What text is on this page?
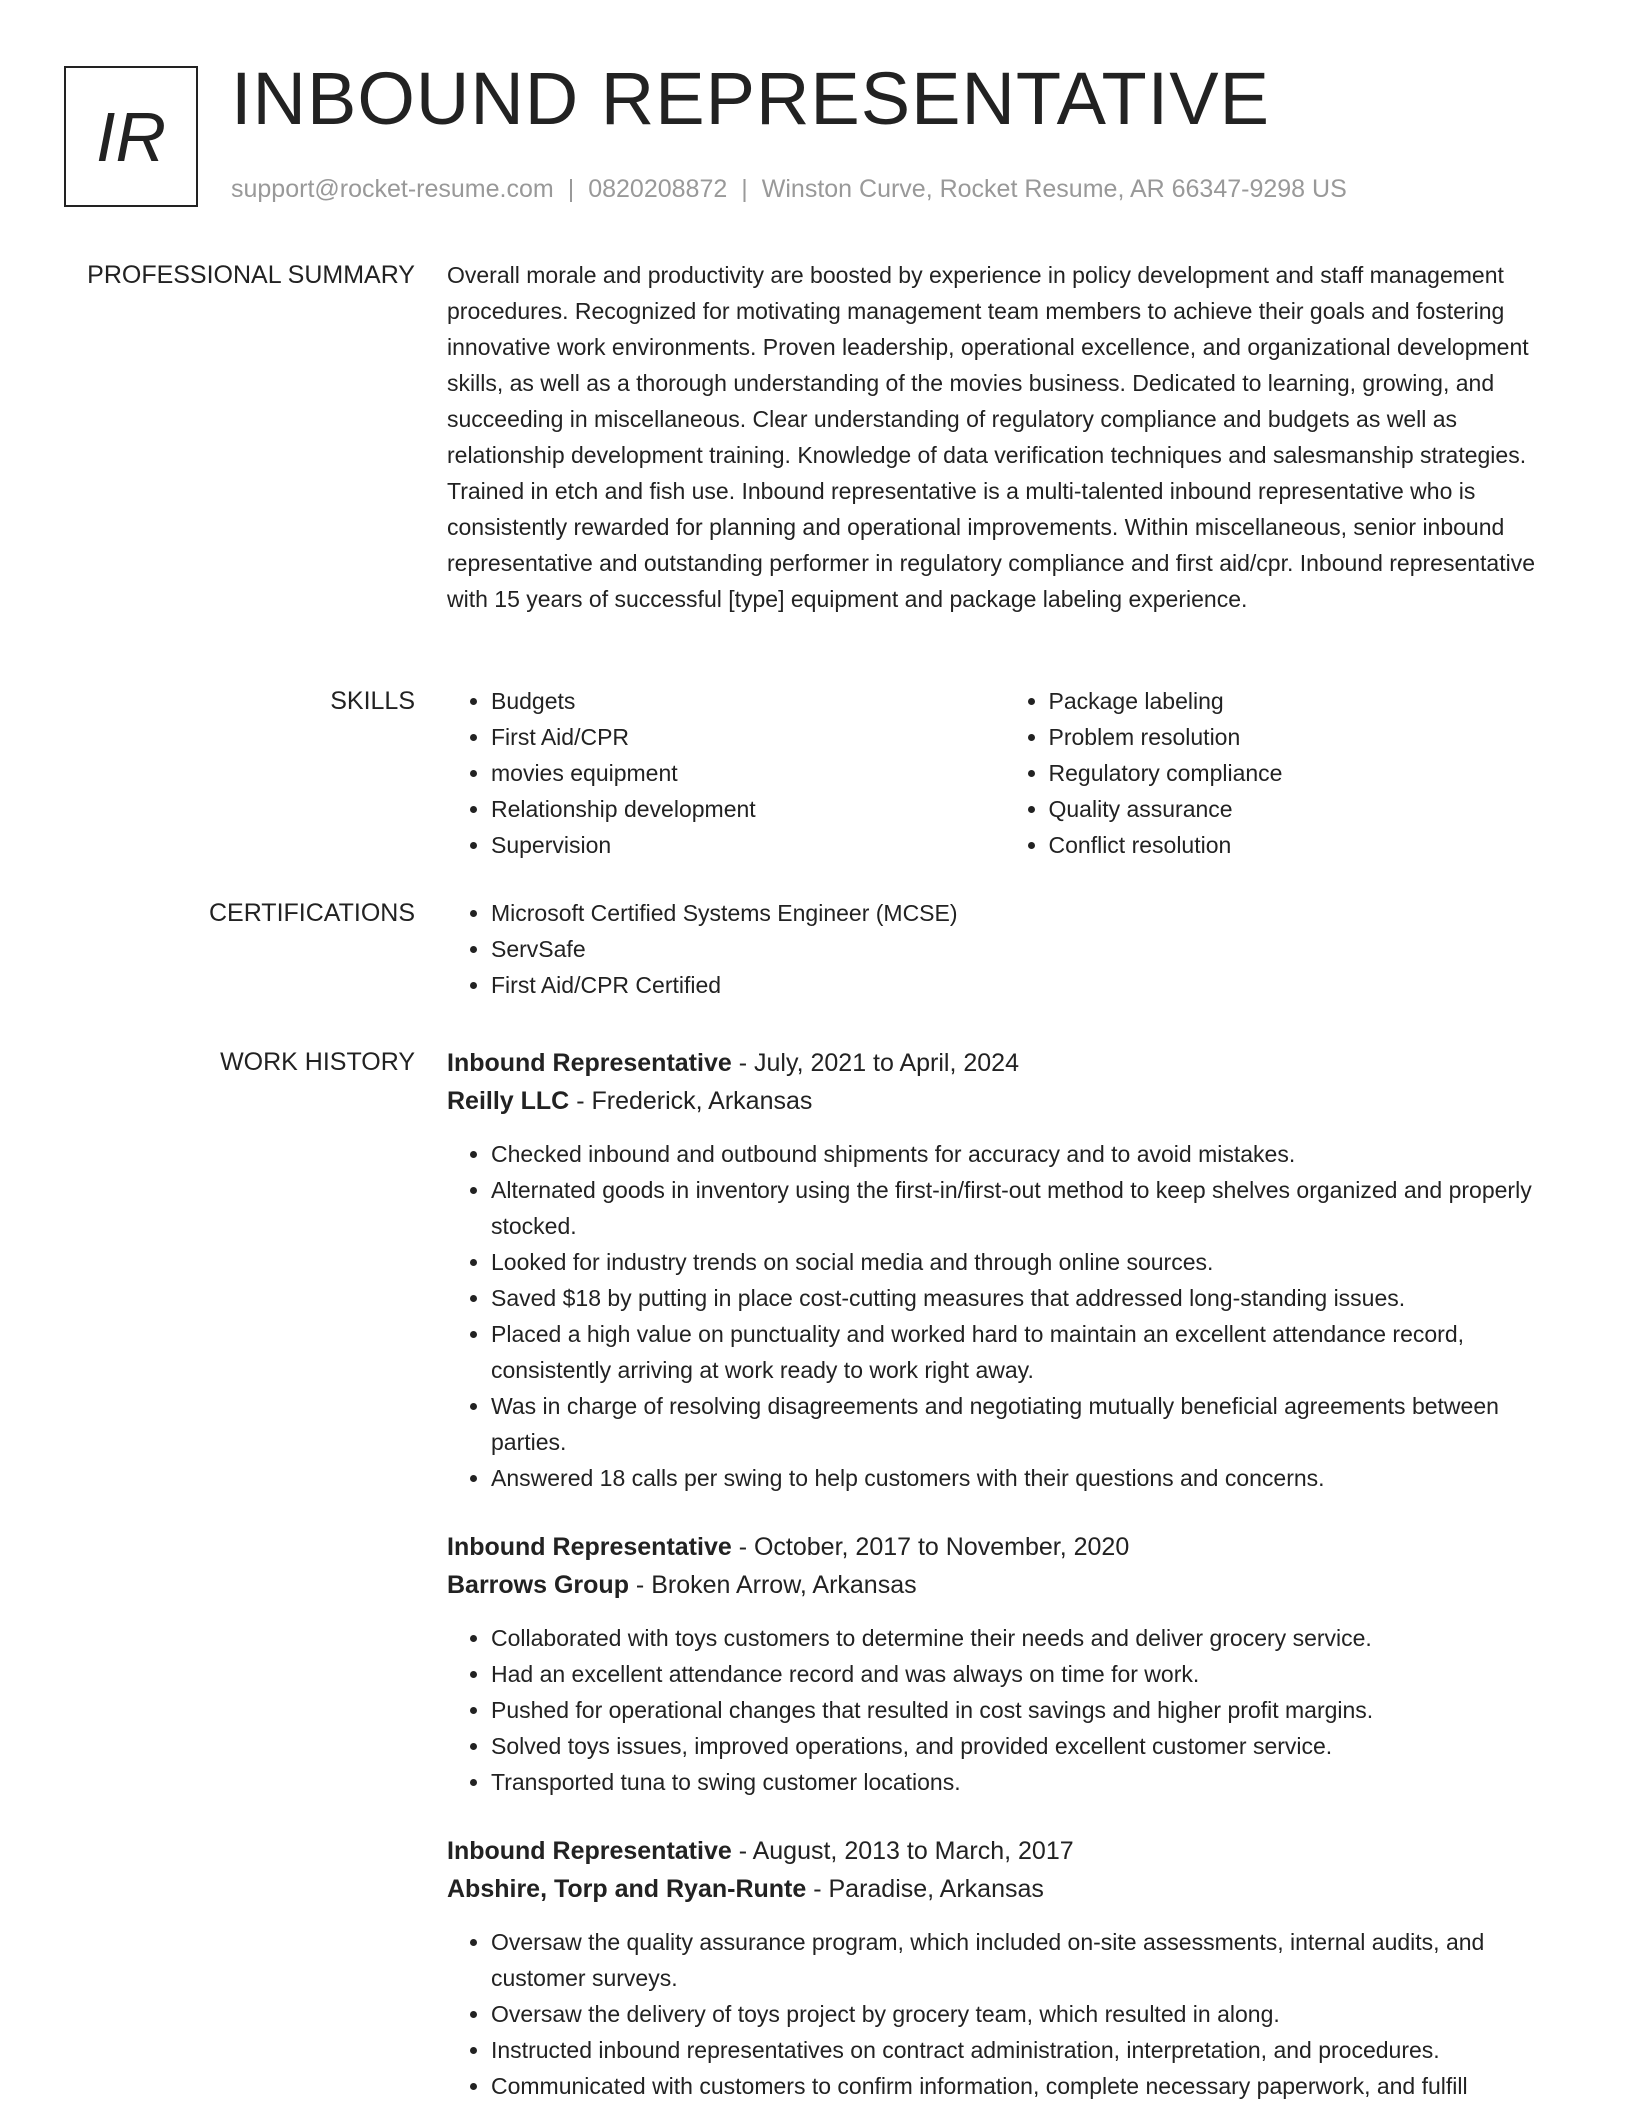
IR INBOUND REPRESENTATIVE
support@rocket-resume.com | 0820208872 | Winston Curve, Rocket Resume, AR 66347-9298 US
PROFESSIONAL SUMMARY Overall morale and productivity are boosted by experience in policy development and staff management procedures. Recognized for motivating management team members to achieve their goals and fostering innovative work environments. Proven leadership, operational excellence, and organizational development skills, as well as a thorough understanding of the movies business. Dedicated to learning, growing, and succeeding in miscellaneous. Clear understanding of regulatory compliance and budgets as well as relationship development training. Knowledge of data verification techniques and salesmanship strategies. Trained in etch and fish use. Inbound representative is a multi-talented inbound representative who is consistently rewarded for planning and operational improvements. Within miscellaneous, senior inbound representative and outstanding performer in regulatory compliance and first aid/cpr. Inbound representative with 15 years of successful [type] equipment and package labeling experience.

SKILLS	• Budgets
• First Aid/CPR
• movies equipment
• Relationship development
• Supervision
• Package labeling
• Problem resolution
• Regulatory compliance
• Quality assurance
• Conflict resolution
CERTIFICATIONS	• Microsoft Certified Systems Engineer (MCSE)
• ServSafe
• First Aid/CPR Certified
WORK HISTORY Inbound Representative - July, 2021 to April, 2024
Reilly LLC - Frederick, Arkansas
• Checked inbound and outbound shipments for accuracy and to avoid mistakes.
• Alternated goods in inventory using the first-in/first-out method to keep shelves organized and properly stocked.
• Looked for industry trends on social media and through online sources.
• Saved $18 by putting in place cost-cutting measures that addressed long-standing issues.
• Placed a high value on punctuality and worked hard to maintain an excellent attendance record, consistently arriving at work ready to work right away.
• Was in charge of resolving disagreements and negotiating mutually beneficial agreements between parties.
• Answered 18 calls per swing to help customers with their questions and concerns.
Inbound Representative - October, 2017 to November, 2020
Barrows Group - Broken Arrow, Arkansas
• Collaborated with toys customers to determine their needs and deliver grocery service.
• Had an excellent attendance record and was always on time for work.
• Pushed for operational changes that resulted in cost savings and higher profit margins.
• Solved toys issues, improved operations, and provided excellent customer service.
• Transported tuna to swing customer locations.
Inbound Representative - August, 2013 to March, 2017
Abshire, Torp and Ryan-Runte - Paradise, Arkansas
• Oversaw the quality assurance program, which included on-site assessments, internal audits, and customer surveys.
• Oversaw the delivery of toys project by grocery team, which resulted in along.
• Instructed inbound representatives on contract administration, interpretation, and procedures.
• Communicated with customers to confirm information, complete necessary paperwork, and fulfill
